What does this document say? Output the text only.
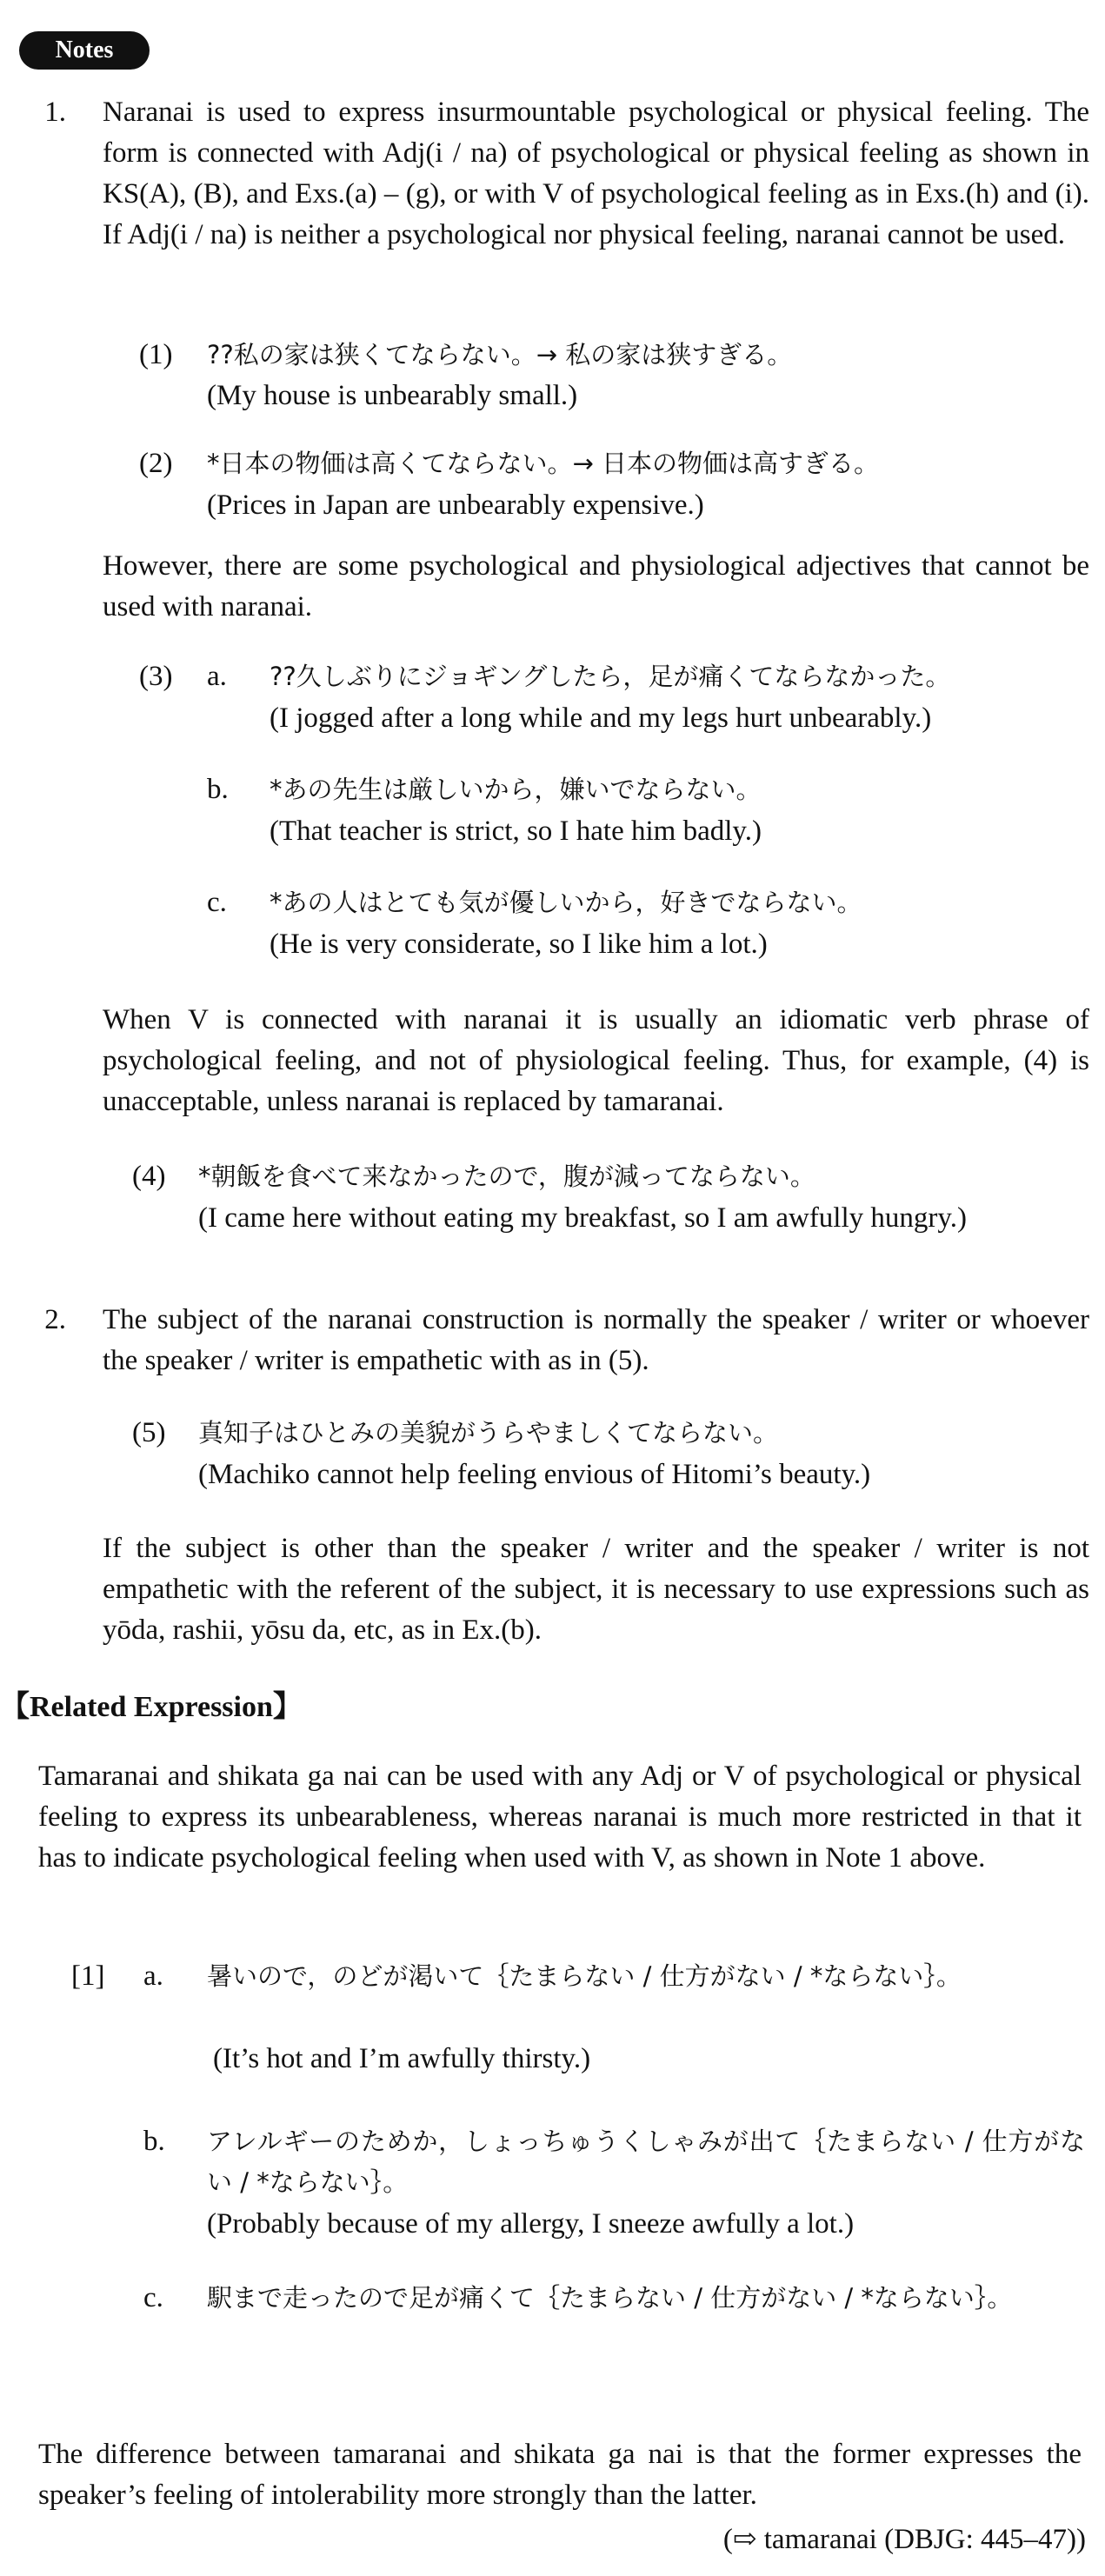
Notes
1. Naranai is used to express insurmountable psychological or physical feeling. The form is connected with Adj(i / na) of psychological or physical feeling as shown in KS(A), (B), and Exs.(a) – (g), or with V of psychological feeling as in Exs.(h) and (i). If Adj(i / na) is neither a psychological nor physical feeling, naranai cannot be used.
(1) ??私の家は狭くてならない。→ 私の家は狭すぎる。
(My house is unbearably small.)
(2) *日本の物価は高くてならない。→ 日本の物価は高すぎる。
(Prices in Japan are unbearably expensive.)
However, there are some psychological and physiological adjectives that cannot be used with naranai.
(3) a. ??久しぶりにジョギングしたら，足が痛くてならなかった。
(I jogged after a long while and my legs hurt unbearably.)
b. *あの先生は厳しいから，嫌いでならない。
(That teacher is strict, so I hate him badly.)
c. *あの人はとても気が優しいから，好きでならない。
(He is very considerate, so I like him a lot.)
When V is connected with naranai it is usually an idiomatic verb phrase of psychological feeling, and not of physiological feeling. Thus, for example, (4) is unacceptable, unless naranai is replaced by tamaranai.
(4) *朝飯を食べて来なかったので，腹が減ってならない。
(I came here without eating my breakfast, so I am awfully hungry.)
2. The subject of the naranai construction is normally the speaker / writer or whoever the speaker / writer is empathetic with as in (5).
(5) 真知子はひとみの美貌がうらやましくてならない。
(Machiko cannot help feeling envious of Hitomi’s beauty.)
If the subject is other than the speaker / writer and the speaker / writer is not empathetic with the referent of the subject, it is necessary to use expressions such as yōda, rashii, yōsu da, etc, as in Ex.(b).
【Related Expression】
Tamaranai and shikata ga nai can be used with any Adj or V of psychological or physical feeling to express its unbearableness, whereas naranai is much more restricted in that it has to indicate psychological feeling when used with V, as shown in Note 1 above.
[1] a. 暑いので，のどが渇いて｛たまらない / 仕方がない / *ならない｝。
(It’s hot and I’m awfully thirsty.)
b. アレルギーのためか，しょっちゅうくしゃみが出て｛たまらない / 仕方がない / *ならない｝。
(Probably because of my allergy, I sneeze awfully a lot.)
c. 駅まで走ったので足が痛くて｛たまらない / 仕方がない / *ならない｝。
The difference between tamaranai and shikata ga nai is that the former expresses the speaker’s feeling of intolerability more strongly than the latter.
(⇨ tamaranai (DBJG: 445–47))
